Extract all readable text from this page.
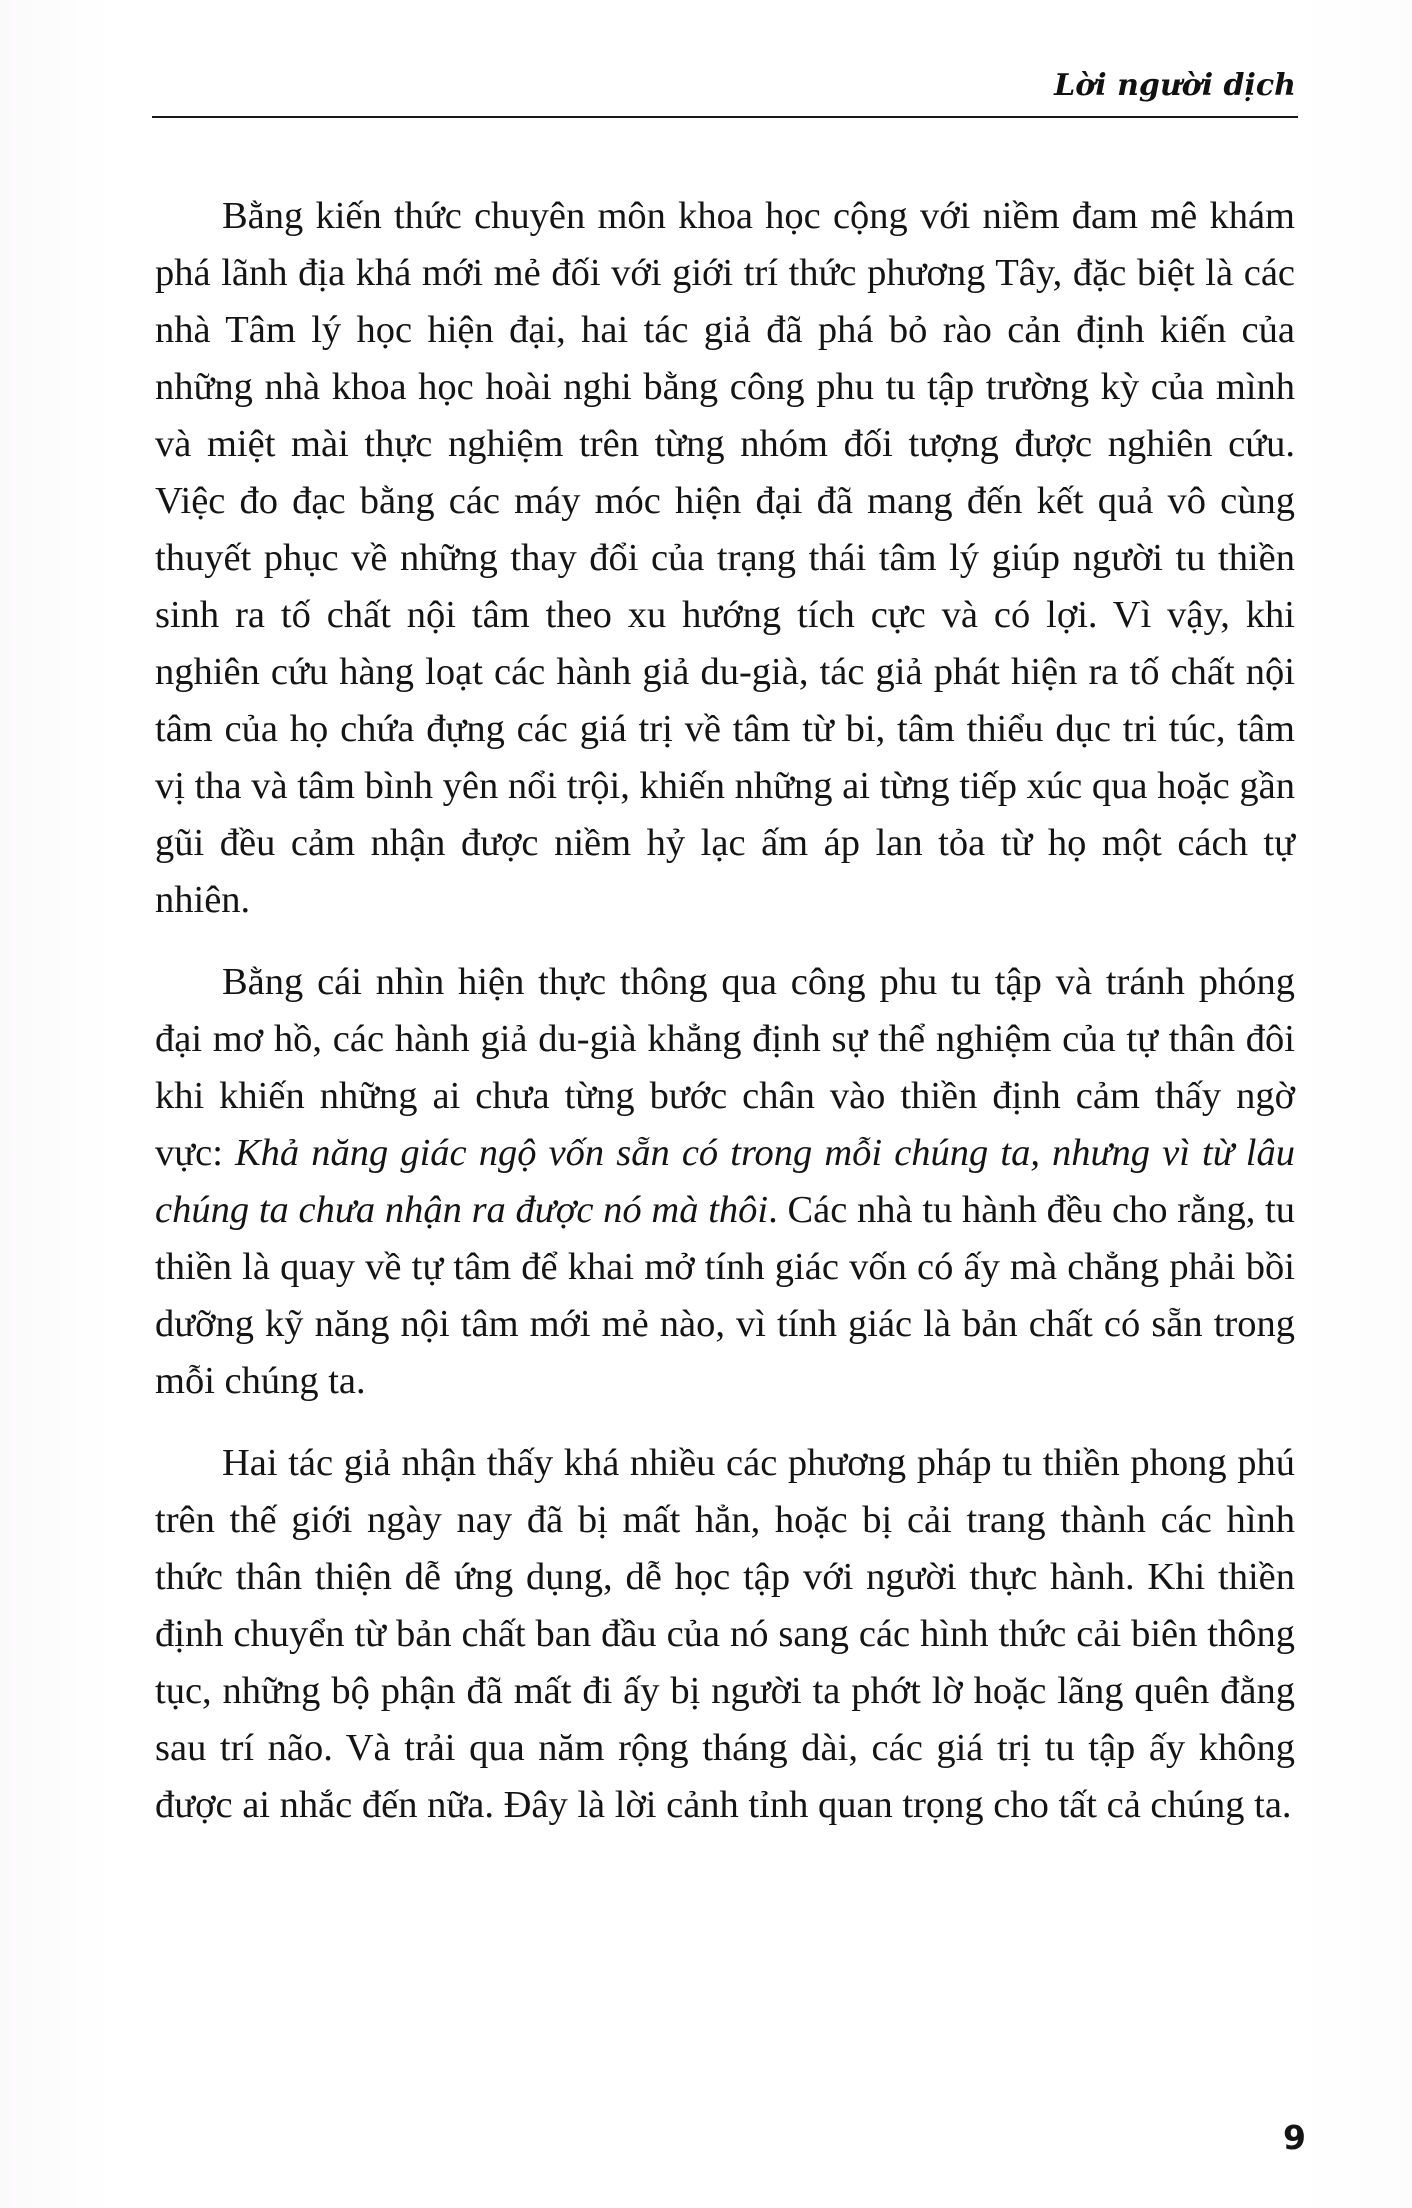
Lời người dịch

Bằng kiến thức chuyên môn khoa học cộng với niềm đam mê khám phá lãnh địa khá mới mẻ đối với giới trí thức phương Tây, đặc biệt là các nhà Tâm lý học hiện đại, hai tác giả đã phá bỏ rào cản định kiến của những nhà khoa học hoài nghi bằng công phu tu tập trường kỳ của mình và miệt mài thực nghiệm trên từng nhóm đối tượng được nghiên cứu. Việc đo đạc bằng các máy móc hiện đại đã mang đến kết quả vô cùng thuyết phục về những thay đổi của trạng thái tâm lý giúp người tu thiền sinh ra tố chất nội tâm theo xu hướng tích cực và có lợi. Vì vậy, khi nghiên cứu hàng loạt các hành giả du-già, tác giả phát hiện ra tố chất nội tâm của họ chứa đựng các giá trị về tâm từ bi, tâm thiểu dục tri túc, tâm vị tha và tâm bình yên nổi trội, khiến những ai từng tiếp xúc qua hoặc gần gũi đều cảm nhận được niềm hỷ lạc ấm áp lan tỏa từ họ một cách tự nhiên.

Bằng cái nhìn hiện thực thông qua công phu tu tập và tránh phóng đại mơ hồ, các hành giả du-già khẳng định sự thể nghiệm của tự thân đôi khi khiến những ai chưa từng bước chân vào thiền định cảm thấy ngờ vực: Khả năng giác ngộ vốn sẵn có trong mỗi chúng ta, nhưng vì từ lâu chúng ta chưa nhận ra được nó mà thôi. Các nhà tu hành đều cho rằng, tu thiền là quay về tự tâm để khai mở tính giác vốn có ấy mà chẳng phải bồi dưỡng kỹ năng nội tâm mới mẻ nào, vì tính giác là bản chất có sẵn trong mỗi chúng ta.

Hai tác giả nhận thấy khá nhiều các phương pháp tu thiền phong phú trên thế giới ngày nay đã bị mất hẳn, hoặc bị cải trang thành các hình thức thân thiện dễ ứng dụng, dễ học tập với người thực hành. Khi thiền định chuyển từ bản chất ban đầu của nó sang các hình thức cải biên thông tục, những bộ phận đã mất đi ấy bị người ta phớt lờ hoặc lãng quên đằng sau trí não. Và trải qua năm rộng tháng dài, các giá trị tu tập ấy không được ai nhắc đến nữa. Đây là lời cảnh tỉnh quan trọng cho tất cả chúng ta.

9
